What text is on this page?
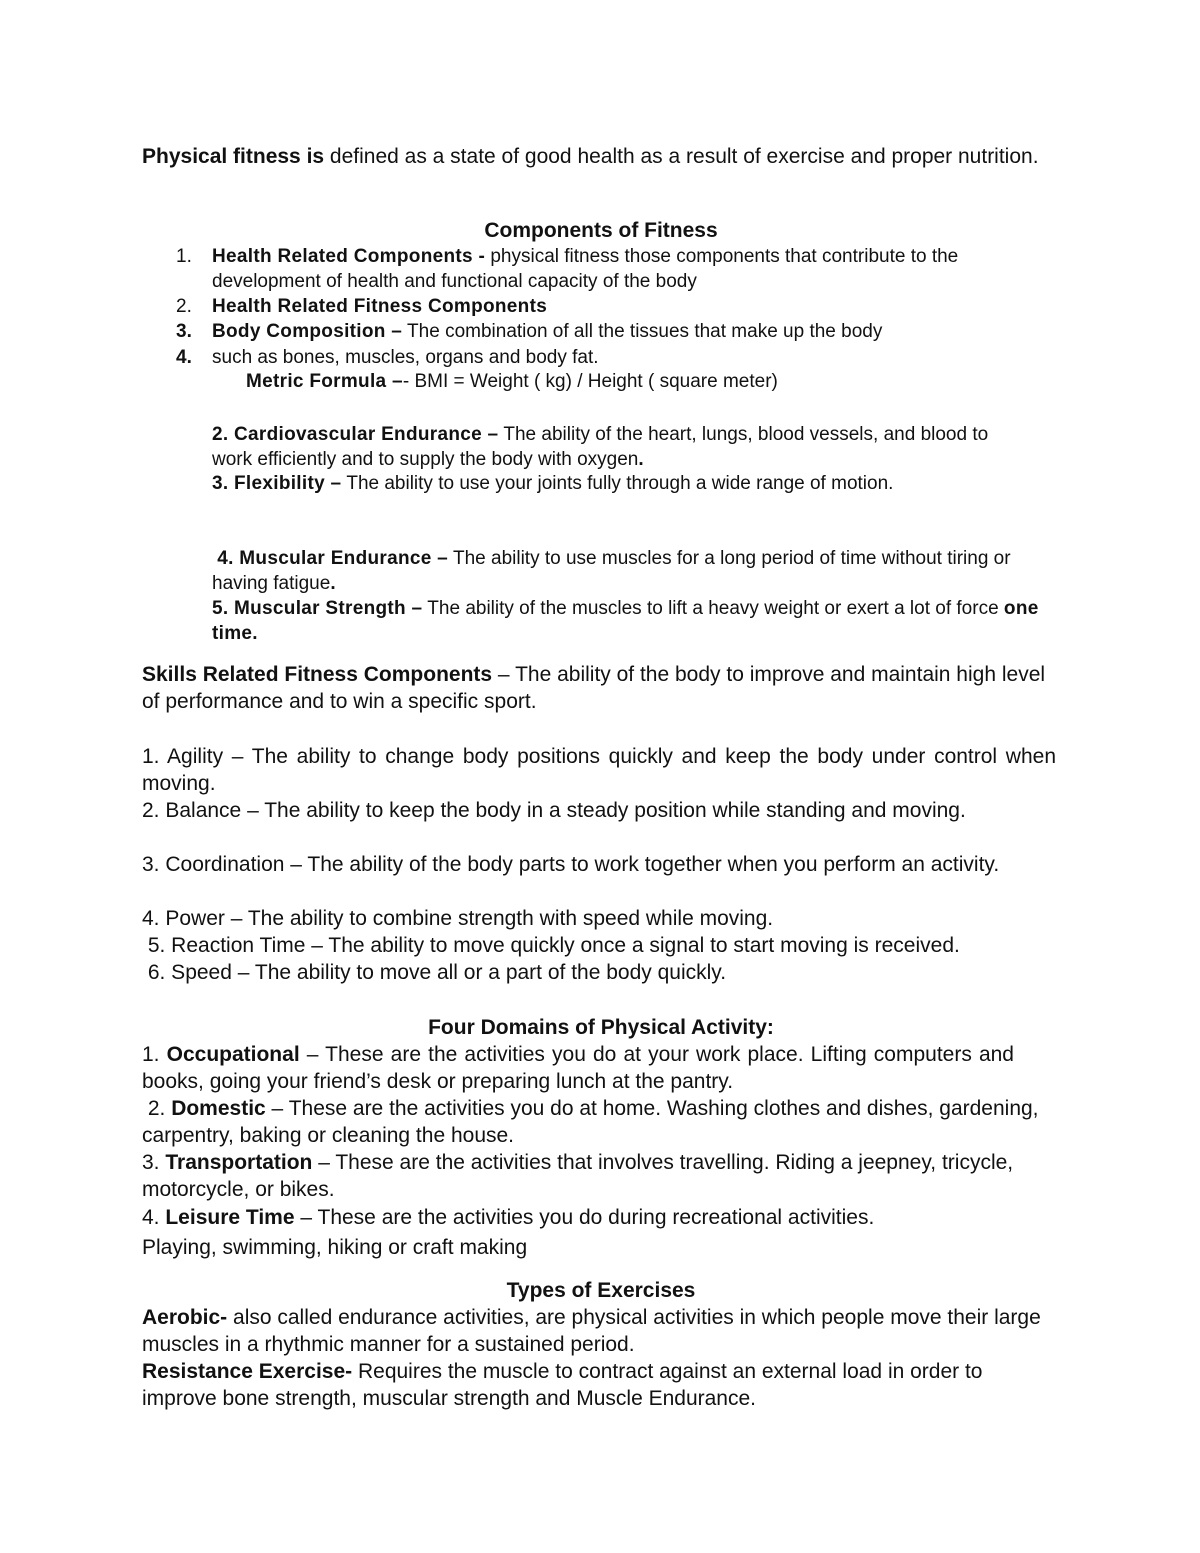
Physical fitness is defined as a state of good health as a result of exercise and proper nutrition.
Components of Fitness
1.	Health Related Components - physical fitness those components that contribute to the development of health and functional capacity of the body
2.	Health Related Fitness Components
3.	Body Composition – The combination of all the tissues that make up the body
4.	such as bones, muscles, organs and body fat.
Metric Formula –- BMI = Weight ( kg) / Height ( square meter)
2. Cardiovascular Endurance – The ability of the heart, lungs, blood vessels, and blood to work efficiently and to supply the body with oxygen.
3. Flexibility – The ability to use your joints fully through a wide range of motion.
4. Muscular Endurance – The ability to use muscles for a long period of time without tiring or having fatigue.
5. Muscular Strength – The ability of the muscles to lift a heavy weight or exert a lot of force one time.
Skills Related Fitness Components – The ability of the body to improve and maintain high level of performance and to win a specific sport.
1. Agility – The ability to change body positions quickly and keep the body under control when moving.
2. Balance – The ability to keep the body in a steady position while standing and moving.
3. Coordination – The ability of the body parts to work together when you perform an activity.
4. Power – The ability to combine strength with speed while moving.
5. Reaction Time – The ability to move quickly once a signal to start moving is received.
6. Speed – The ability to move all or a part of the body quickly.
Four Domains of Physical Activity:
1. Occupational – These are the activities you do at your work place. Lifting computers and books, going your friend’s desk or preparing lunch at the pantry.
2. Domestic – These are the activities you do at home. Washing clothes and dishes, gardening, carpentry, baking or cleaning the house.
3. Transportation – These are the activities that involves travelling. Riding a jeepney, tricycle, motorcycle, or bikes.
4. Leisure Time – These are the activities you do during recreational activities.
Playing, swimming, hiking or craft making
Types of Exercises
Aerobic- also called endurance activities, are physical activities in which people move their large muscles in a rhythmic manner for a sustained period.
Resistance Exercise- Requires the muscle to contract against an external load in order to improve bone strength, muscular strength and Muscle Endurance.
